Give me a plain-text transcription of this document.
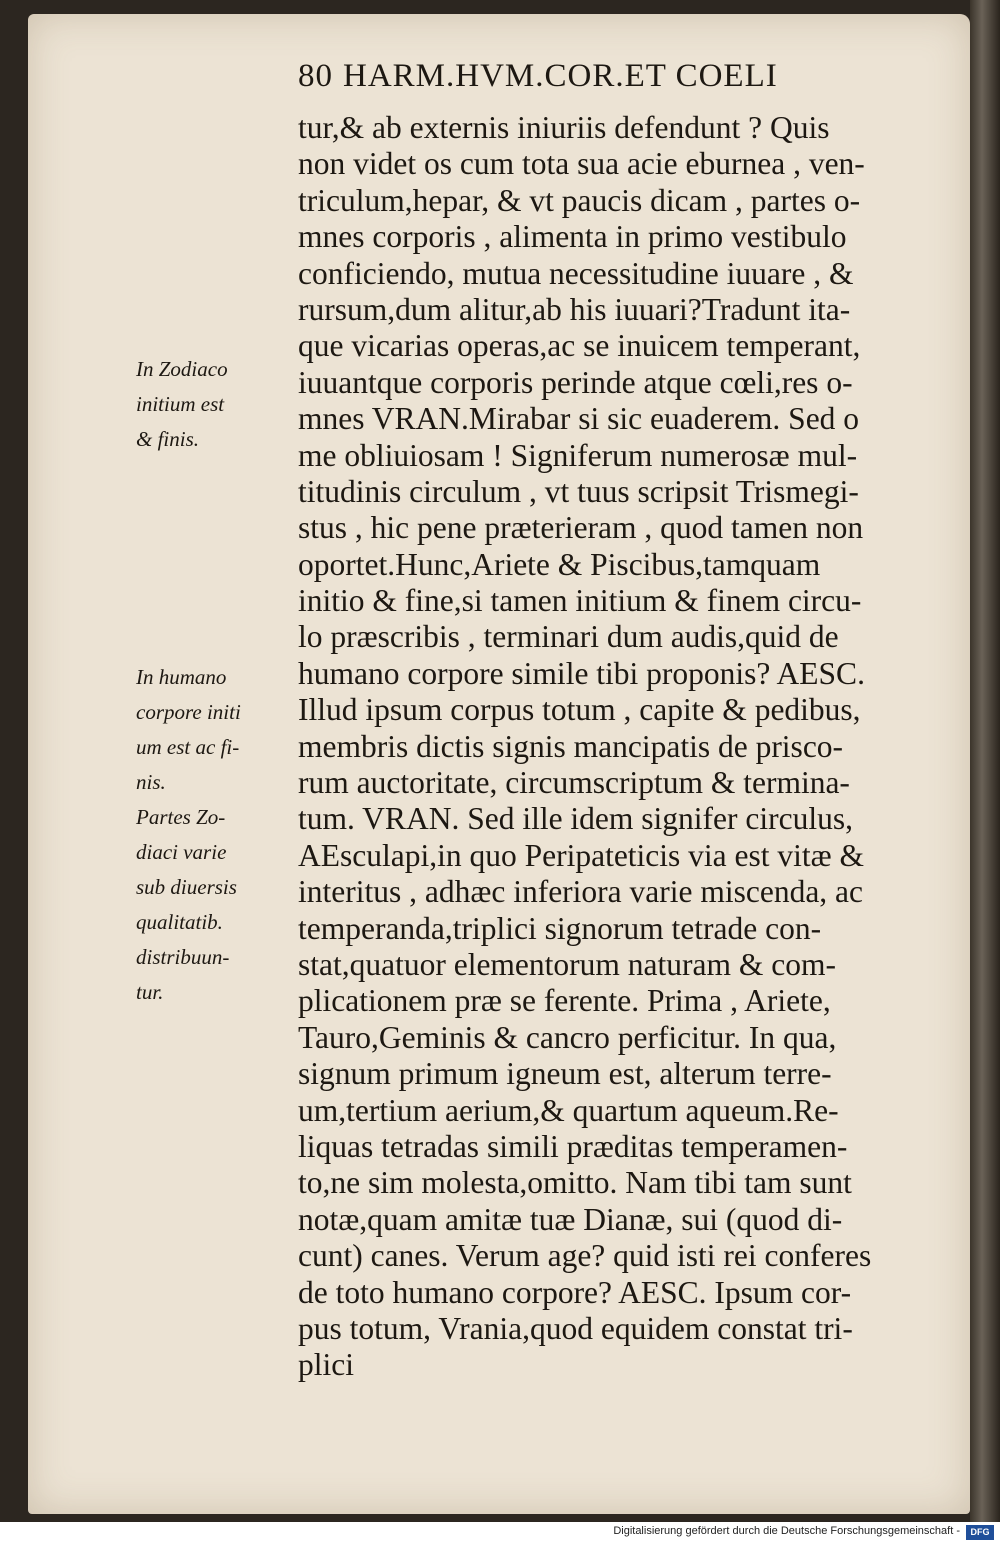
80 HARM.HVM.COR.ET COELI
tur,& ab externis iniuriis defendunt ? Quis
non videt os cum tota sua acie eburnea , ven-
triculum,hepar, & vt paucis dicam , partes o-
mnes corporis , alimenta in primo vestibulo
conficiendo, mutua necessitudine iuuare , &
rursum,dum alitur,ab his iuuari?Tradunt ita-
que vicarias operas,ac se inuicem temperant,
iuuantque corporis perinde atque cœli,res o-
mnes VRAN.Mirabar si sic euaderem. Sed o
me obliuiosam ! Signiferum numerosæ mul-
titudinis circulum , vt tuus scripsit Trismegi-
stus , hic pene præterieram , quod tamen non
oportet.Hunc,Ariete & Piscibus,tamquam
initio & fine,si tamen initium & finem circu-
lo præscribis , terminari dum audis,quid de
humano corpore simile tibi proponis? AESC.
Illud ipsum corpus totum , capite & pedibus,
membris dictis signis mancipatis de prisco-
rum auctoritate, circumscriptum & termina-
tum. VRAN. Sed ille idem signifer circulus,
AEsculapi,in quo Peripateticis via est vitæ &
interitus , adhæc inferiora varie miscenda, ac
temperanda,triplici signorum tetrade con-
stat,quatuor elementorum naturam & com-
plicationem præ se ferente. Prima , Ariete,
Tauro,Geminis & cancro perficitur. In qua,
signum primum igneum est, alterum terre-
um,tertium aerium,& quartum aqueum.Re-
liquas tetradas simili præditas temperamen-
to,ne sim molesta,omitto. Nam tibi tam sunt
notæ,quam amitæ tuæ Dianæ, sui (quod di-
cunt) canes. Verum age? quid isti rei conferes
de toto humano corpore? AESC. Ipsum cor-
pus totum, Vrania,quod equidem constat tri-
plici
In Zodiaco
initium est
& finis.
In humano
corpore initi
um est ac fi-
nis.
Partes Zo-
diaci varie
sub diuersis
qualitatib.
distribuun-
tur.
Digitalisierung gefördert durch die Deutsche Forschungsgemeinschaft -	DFG
